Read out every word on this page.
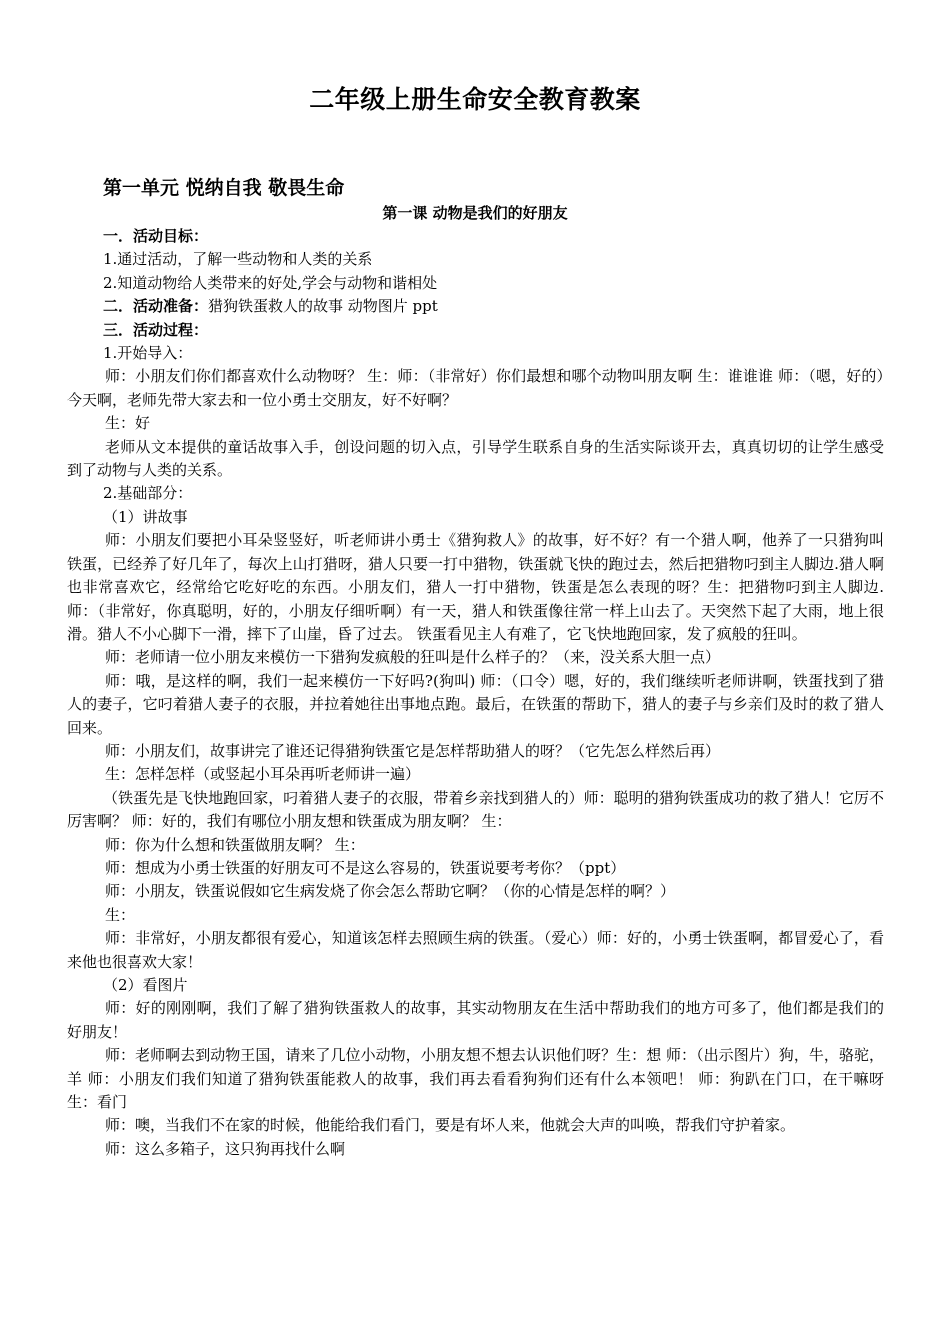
二年级上册生命安全教育教案
第一单元 悦纳自我 敬畏生命
第一课 动物是我们的好朋友

一．活动目标：

1.通过活动，了解一些动物和人类的关系

2.知道动物给人类带来的好处,学会与动物和谐相处

二．活动准备：猎狗铁蛋救人的故事 动物图片 ppt

三．活动过程：

1.开始导入：

师：小朋友们你们都喜欢什么动物呀？ 生：师：（非常好）你们最想和哪个动物叫朋友啊 生：谁谁谁 师：（嗯，好的）今天啊，老师先带大家去和一位小勇士交朋友，好不好啊？

生：好

老师从文本提供的童话故事入手，创设问题的切入点，引导学生联系自身的生活实际谈开去，真真切切的让学生感受到了动物与人类的关系。

2.基础部分：

（1）讲故事

师：小朋友们要把小耳朵竖竖好，听老师讲小勇士《猎狗救人》的故事，好不好？有一个猎人啊，他养了一只猎狗叫铁蛋，已经养了好几年了，每次上山打猎呀，猎人只要一打中猎物，铁蛋就飞快的跑过去，然后把猎物叼到主人脚边.猎人啊也非常喜欢它，经常给它吃好吃的东西。小朋友们，猎人一打中猎物，铁蛋是怎么表现的呀？生：把猎物叼到主人脚边. 师：（非常好，你真聪明，好的，小朋友仔细听啊）有一天，猎人和铁蛋像往常一样上山去了。天突然下起了大雨，地上很滑。猎人不小心脚下一滑，摔下了山崖，昏了过去。 铁蛋看见主人有难了，它飞快地跑回家，发了疯般的狂叫。

师：老师请一位小朋友来模仿一下猎狗发疯般的狂叫是什么样子的？（来，没关系大胆一点）

师：哦，是这样的啊，我们一起来模仿一下好吗?(狗叫) 师：（口令）嗯，好的，我们继续听老师讲啊，铁蛋找到了猎人的妻子，它叼着猎人妻子的衣服，并拉着她往出事地点跑。最后，在铁蛋的帮助下，猎人的妻子与乡亲们及时的救了猎人回来。

师：小朋友们，故事讲完了谁还记得猎狗铁蛋它是怎样帮助猎人的呀？（它先怎么样然后再）

生：怎样怎样（或竖起小耳朵再听老师讲一遍）

（铁蛋先是飞快地跑回家，叼着猎人妻子的衣服，带着乡亲找到猎人的）师：聪明的猎狗铁蛋成功的救了猎人！它厉不厉害啊？ 师：好的，我们有哪位小朋友想和铁蛋成为朋友啊？ 生：

师：你为什么想和铁蛋做朋友啊？ 生：

师：想成为小勇士铁蛋的好朋友可不是这么容易的，铁蛋说要考考你？（ppt）

师：小朋友，铁蛋说假如它生病发烧了你会怎么帮助它啊？（你的心情是怎样的啊？）

生：

师：非常好，小朋友都很有爱心，知道该怎样去照顾生病的铁蛋。（爱心）师：好的，小勇士铁蛋啊，都冒爱心了，看来他也很喜欢大家！

（2）看图片

师：好的刚刚啊，我们了解了猎狗铁蛋救人的故事，其实动物朋友在生活中帮助我们的地方可多了，他们都是我们的好朋友！

师：老师啊去到动物王国，请来了几位小动物，小朋友想不想去认识他们呀？生：想 师：（出示图片）狗，牛，骆驼，羊 师：小朋友们我们知道了猎狗铁蛋能救人的故事，我们再去看看狗狗们还有什么本领吧！ 师：狗趴在门口，在干嘛呀 生：看门

师：噢，当我们不在家的时候，他能给我们看门，要是有坏人来，他就会大声的叫唤，帮我们守护着家。

师：这么多箱子，这只狗再找什么啊
